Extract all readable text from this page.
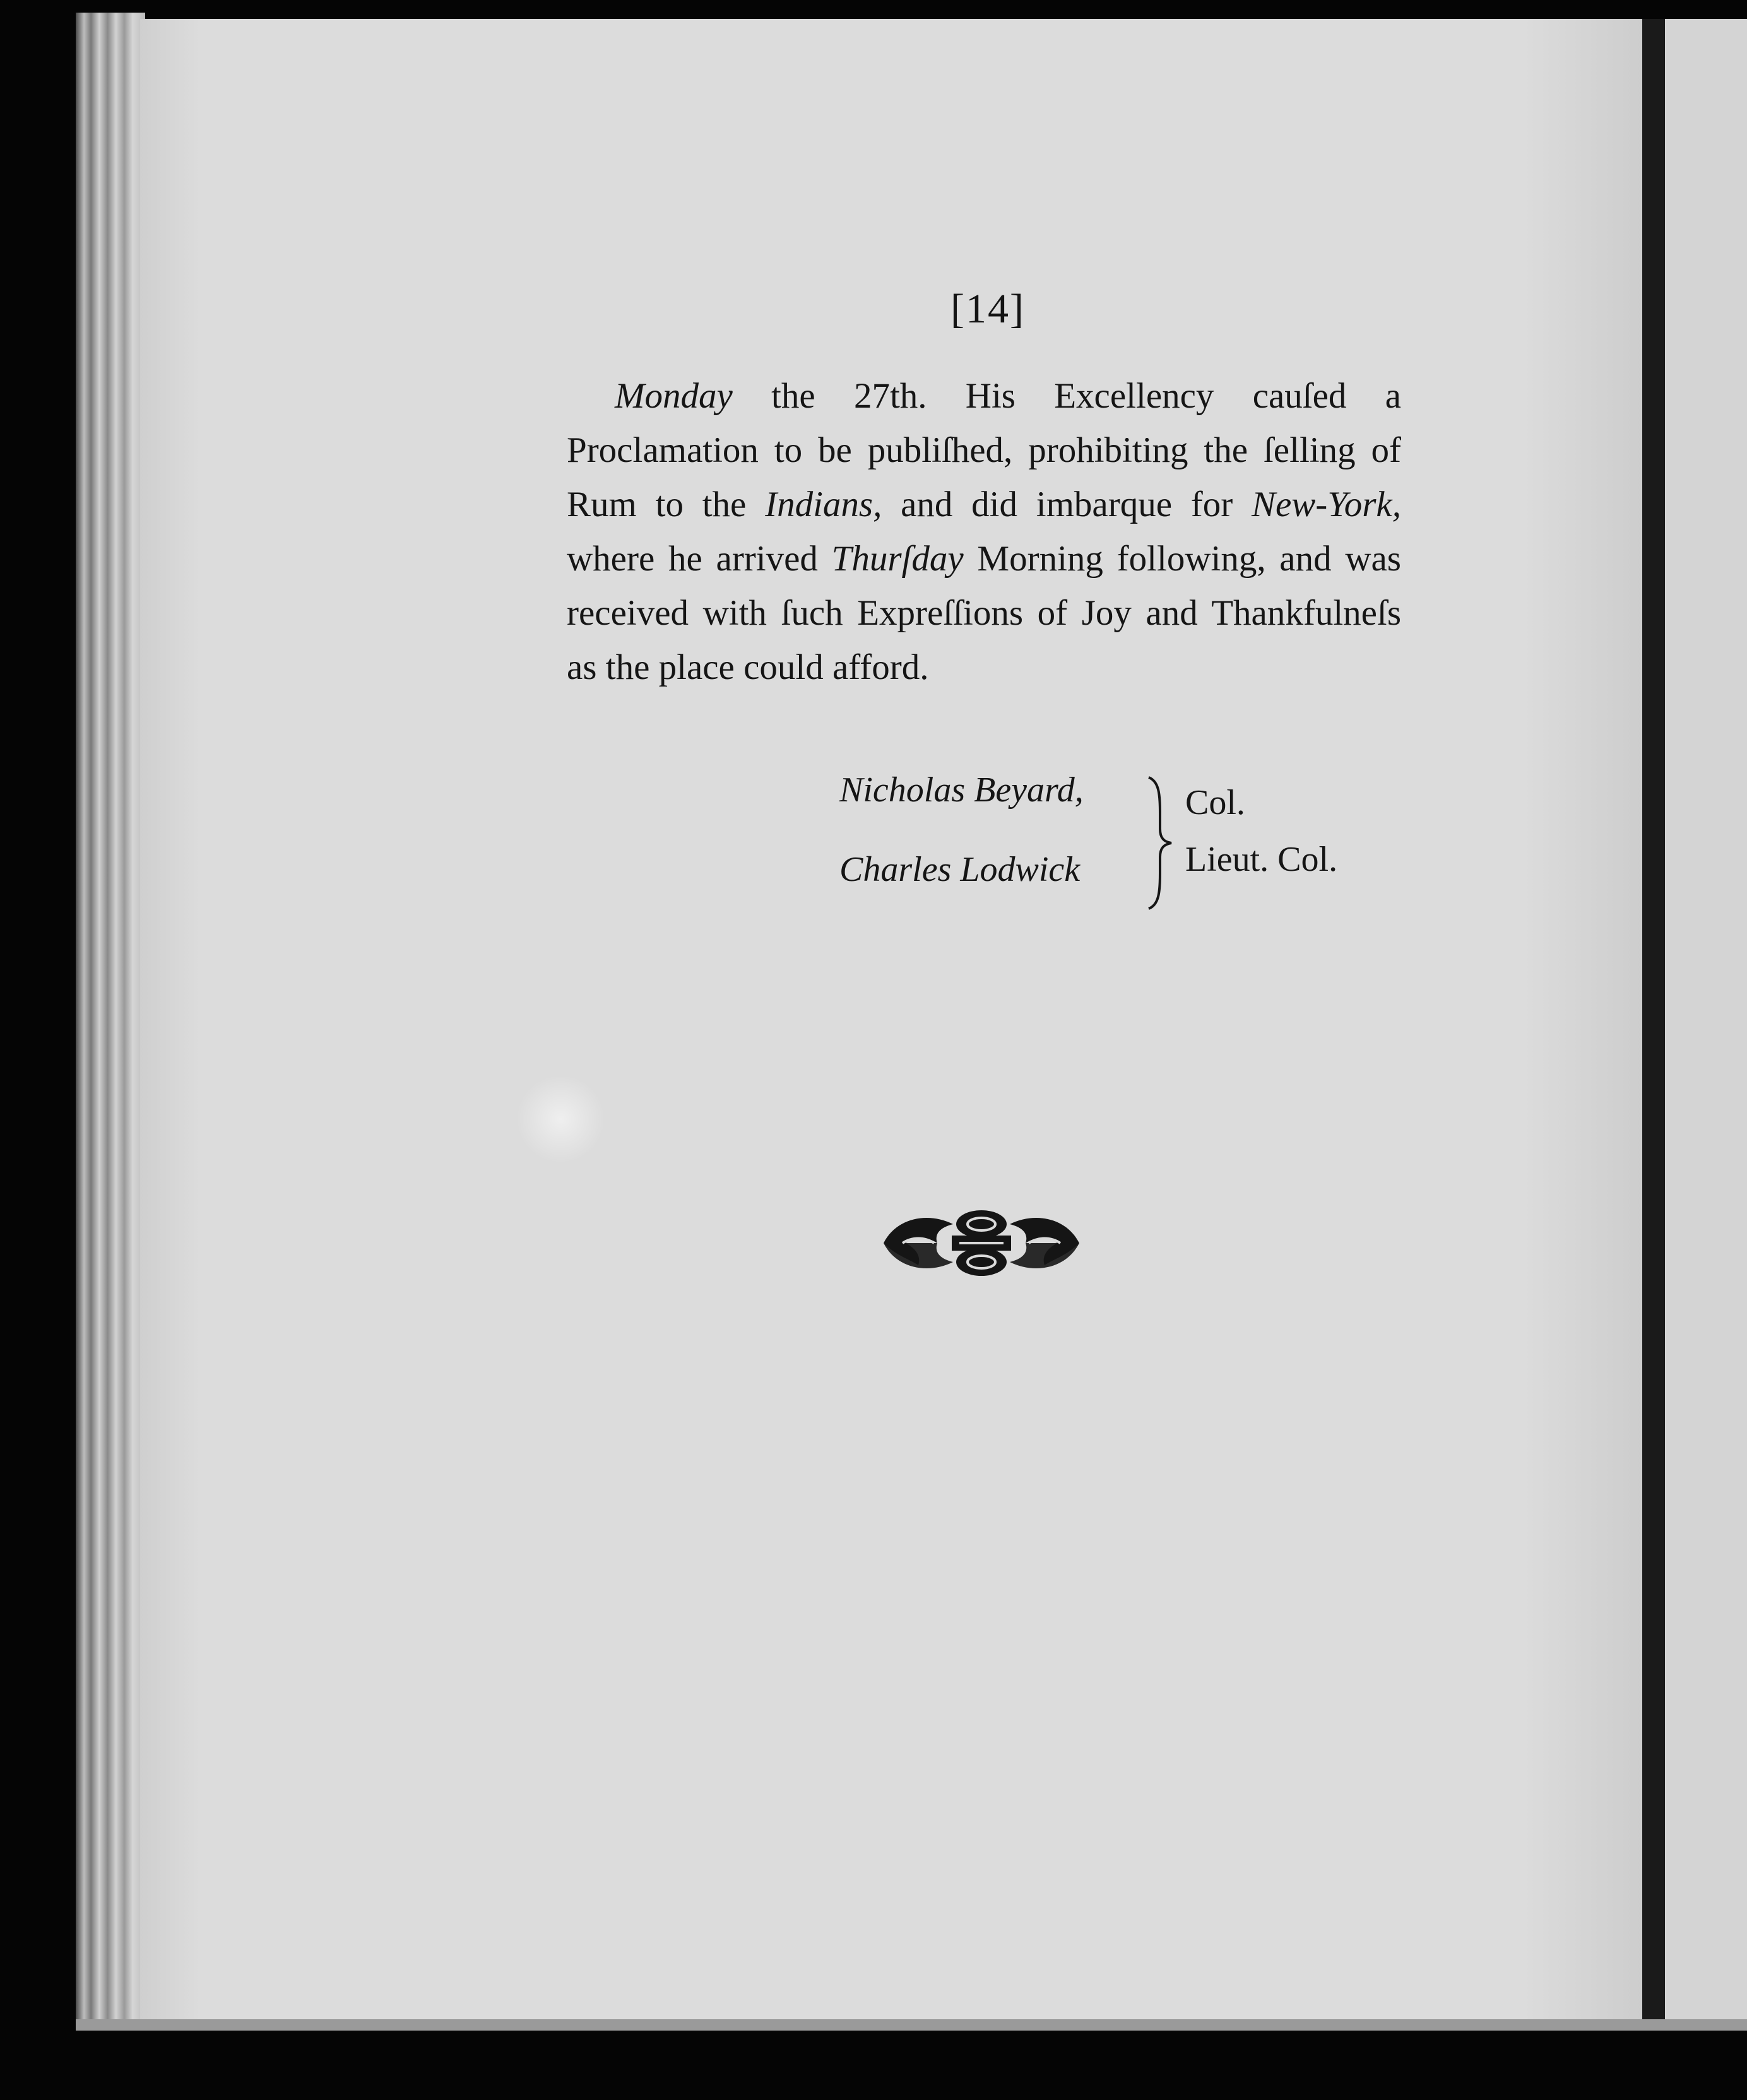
[14]
Monday the 27th. His Excellency cauſed a Proclamation to be publiſhed, prohibiting the ſelling of Rum to the Indians, and did imbarque for New-York, where he arrived Thurſday Morning following, and was received with ſuch Expreſſions of Joy and Thankfulneſs as the place could afford.
Nicholas Beyard,
Charles Lodwick
Col.
Lieut. Col.
